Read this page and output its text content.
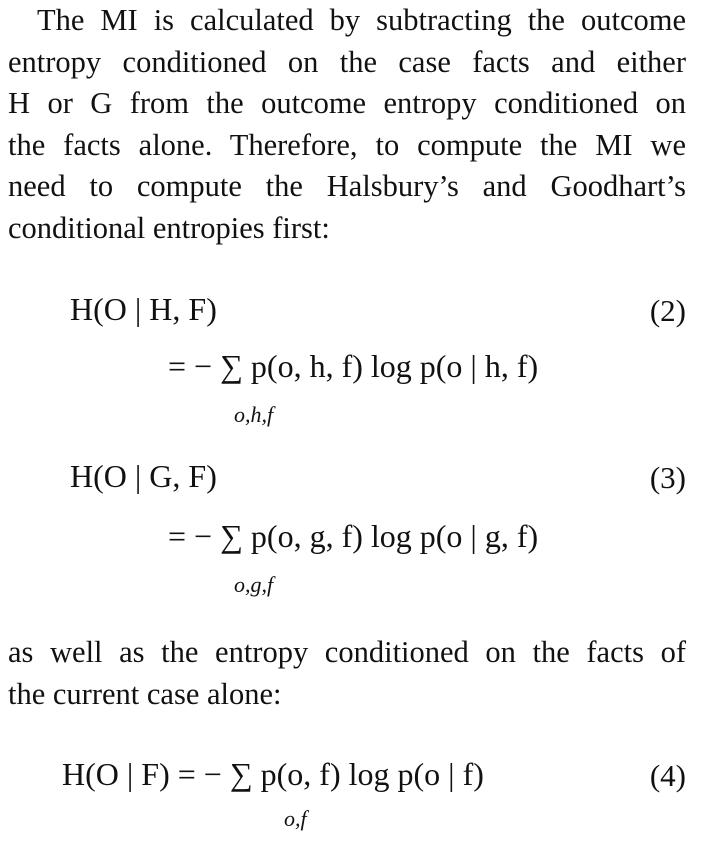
The MI is calculated by subtracting the outcome
entropy conditioned on the case facts and either
H or G from the outcome entropy conditioned on
the facts alone. Therefore, to compute the MI we
need to compute the Halsbury’s and Goodhart’s
conditional entropies first:
H(O | H, F)	(2)
= − ∑ p(o, h, f) log p(o | h, f)
o,h,f
H(O | G, F)	(3)
= − ∑ p(o, g, f) log p(o | g, f)
o,g,f
as well as the entropy conditioned on the facts of
the current case alone:
H(O | F) = − ∑ p(o, f) log p(o | f)	(4)
o,f
